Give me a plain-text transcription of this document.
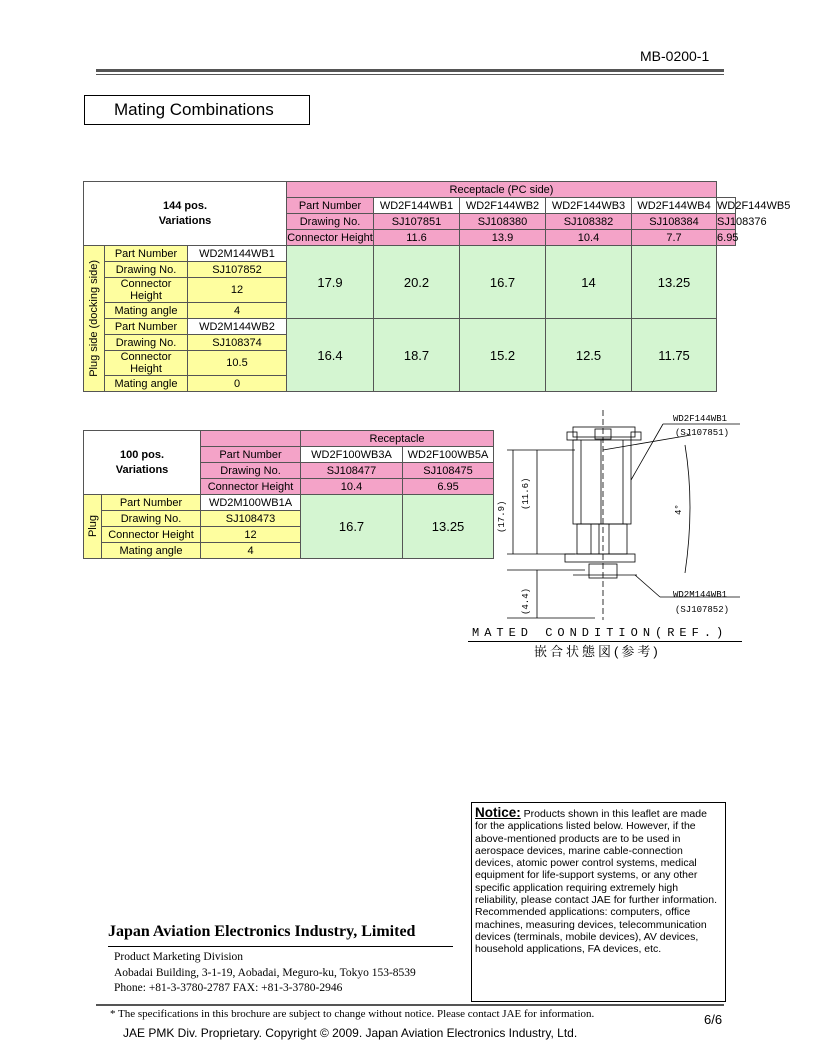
MB-0200-1
Mating Combinations
144 pos.
Variations			Receptacle (PC side)					
			Part Number	WD2F144WB1	WD2F144WB2	WD2F144WB3	WD2F144WB4	WD2F144WB5
			Drawing No.	SJ107851	SJ108380	SJ108382	SJ108384	SJ108376
			Connector Height	11.6	13.9	10.4	7.7	6.95

Plug side (docking side)	Part Number	WD2M144WB1	17.9	20.2	16.7	14	13.25	
	Drawing No.	SJ107852						
	Connector Height	12						
	Mating angle	4						
	Part Number	WD2M144WB2	16.4	18.7	15.2	12.5	11.75	
	Drawing No.	SJ108374						
	Connector Height	10.5						
	Mating angle	0						
100 pos.
Variations			Receptacle	
		Part Number	WD2F100WB3A	WD2F100WB5A
		Drawing No.	SJ108477	SJ108475
		Connector Height	10.4	6.95

Plug	Part Number	WD2M100WB1A	16.7	13.25
	Drawing No.	SJ108473		
	Connector Height	12		
	Mating angle	4		
WD2F144WB1
(SJ107851)
(17.9)
(11.6)
(4.4)
4°
WD2M144WB1
(SJ107852)
MATED CONDITION(REF.)
嵌合状態図(参考)
Notice: Products shown in this leaflet are made for the applications listed below. However, if the above-mentioned products are to be used in aerospace devices, marine cable-connection devices, atomic power control systems, medical equipment for life-support systems, or any other specific application requiring extremely high reliability, please contact JAE for further information.
Recommended applications: computers, office machines, measuring devices, telecommunication devices (terminals, mobile devices), AV devices, household applications, FA devices, etc.
Japan Aviation Electronics Industry, Limited
Product Marketing Division
Aobadai Building, 3-1-19, Aobadai, Meguro-ku, Tokyo 153-8539
Phone: +81-3-3780-2787 FAX: +81-3-3780-2946
* The specifications in this brochure are subject to change without notice. Please contact JAE for information.	6/6
JAE PMK Div. Proprietary. Copyright © 2009. Japan Aviation Electronics Industry, Ltd.
